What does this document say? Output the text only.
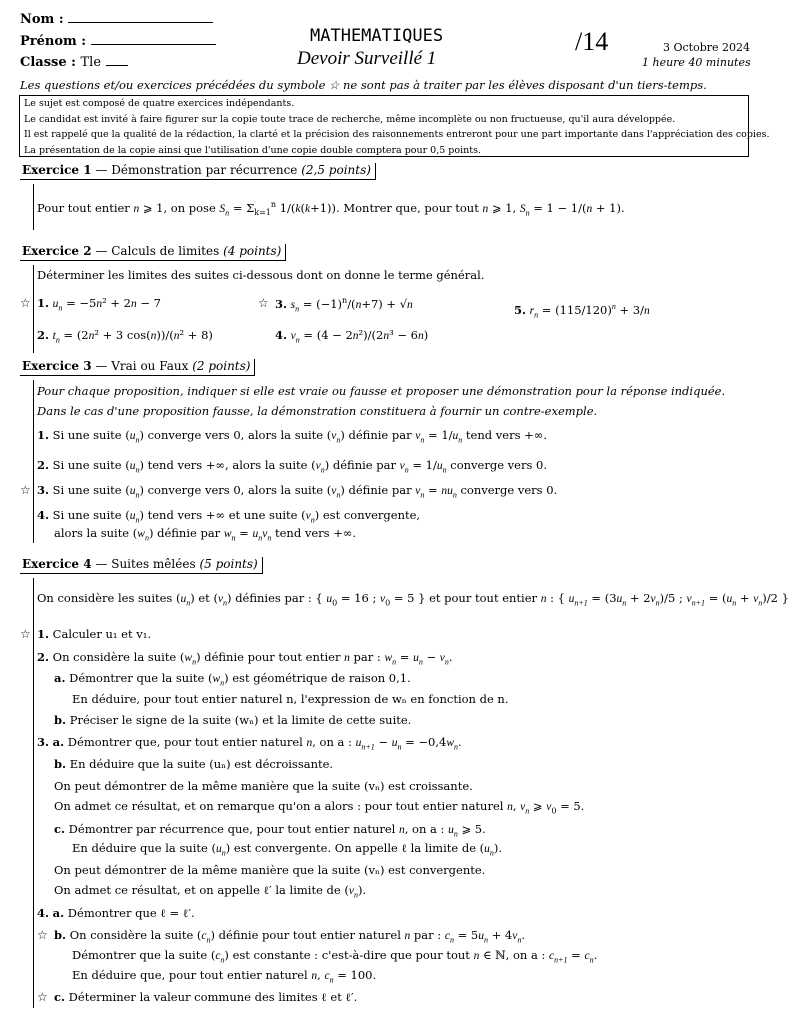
Nom :
Prénom :
Classe : Tle
MATHEMATIQUES
Devoir Surveillé 1
/14	3 Octobre 2024
1 heure 40 minutes
Les questions et/ou exercices précédées du symbole ☆ ne sont pas à traiter par les élèves disposant d'un tiers-temps.
Le sujet est composé de quatre exercices indépendants.
Le candidat est invité à faire figurer sur la copie toute trace de recherche, même incomplète ou non fructueuse, qu'il aura développée.
Il est rappelé que la qualité de la rédaction, la clarté et la précision des raisonnements entreront pour une part importante dans l'appréciation des copies.
La présentation de la copie ainsi que l'utilisation d'une copie double comptera pour 0,5 points.
Exercice 1 — Démonstration par récurrence (2,5 points)
Pour tout entier n ⩾ 1, on pose $S_n = \Sigma_{k=1}^n$ 1/(k(k+1)). Montrer que, pour tout n ⩾ 1, $S_n = 1 - 1/(n + 1)$.
Exercice 2 — Calculs de limites (4 points)
Déterminer les limites des suites ci-dessous dont on donne le terme général.
☆ 1. $u_n = -5n^2 + 2n - 7$	☆ 3. $s_n = (-1)^n/(n+7) + √n$	5. $r_n = (115/120)^n + 3/n$
2. $t_n = (2n^2 + 3$ cos(n))/(n² + 8)	4. $v_n = (4 - 2n^2)/(2n^3 - 6n)$
Exercice 3 — Vrai ou Faux (2 points)
Pour chaque proposition, indiquer si elle est vraie ou fausse et proposer une démonstration pour la réponse indiquée.
Dans le cas d'une proposition fausse, la démonstration constituera à fournir un contre-exemple.
1. Si une suite $(u_n)$ converge vers 0, alors la suite $(v_n)$ définie par $v_n = 1/u_n$ tend vers +∞.
2. Si une suite $(u_n)$ tend vers +∞, alors la suite $(v_n)$ définie par $v_n = 1/u_n$ converge vers 0.
☆ 3. Si une suite $(u_n)$ converge vers 0, alors la suite $(v_n)$ définie par $v_n = nu_n$ converge vers 0.
4. Si une suite $(u_n)$ tend vers +∞ et une suite $(v_n)$ est convergente,
alors la suite $(w_n)$ définie par $w_n = u_nv_n$ tend vers +∞.
Exercice 4 — Suites mêlées (5 points)
On considère les suites $(u_n)$ et $(v_n)$ définies par : { $u_0 = 16$ ; $v_0 = 5$ } et pour tout entier n : { $u_{n+1} = (3u_n + 2v_n)/5$ ; $v_{n+1} = (u_n + v_n)/2$ }
☆ 1. Calculer u₁ et v₁.
2. On considère la suite $(w_n)$ définie pour tout entier n par : $w_n = u_n - v_n$.
a. Démontrer que la suite $(w_n)$ est géométrique de raison 0,1.
En déduire, pour tout entier naturel n, l'expression de wₙ en fonction de n.
b. Préciser le signe de la suite (wₙ) et la limite de cette suite.
3. a. Démontrer que, pour tout entier naturel n, on a : $u_{n+1} - u_n = -0,4w_n$.
b. En déduire que la suite (uₙ) est décroissante.
On peut démontrer de la même manière que la suite (vₙ) est croissante.
On admet ce résultat, et on remarque qu'on a alors : pour tout entier naturel n, $v_n$ ⩾ $v_0 = 5$.
c. Démontrer par récurrence que, pour tout entier naturel n, on a : $u_n$ ⩾ 5.
En déduire que la suite $(u_n)$ est convergente. On appelle ℓ la limite de $(u_n)$.
On peut démontrer de la même manière que la suite (vₙ) est convergente.
On admet ce résultat, et on appelle ℓ′ la limite de $(v_n)$.
4. a. Démontrer que ℓ = ℓ′.
☆ b. On considère la suite $(c_n)$ définie pour tout entier naturel n par : $c_n = 5u_n + 4v_n$.
Démontrer que la suite $(c_n)$ est constante : c'est-à-dire que pour tout n ∈ ℕ, on a : $c_{n+1} = c_n$.
En déduire que, pour tout entier naturel n, $c_n = 100$.
☆ c. Déterminer la valeur commune des limites ℓ et ℓ′.
